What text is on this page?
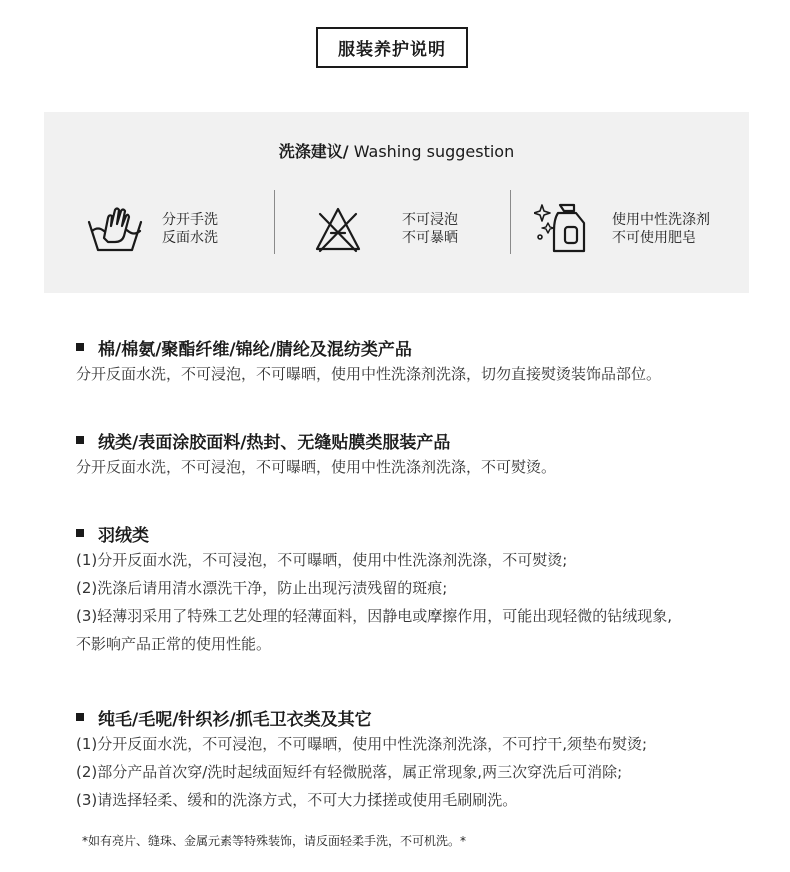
服装养护说明
洗涤建议/ Washing suggestion
分开手洗
反面水洗
不可浸泡
不可暴晒
使用中性洗涤剂
不可使用肥皂
棉/棉氨/聚酯纤维/锦纶/腈纶及混纺类产品
分开反面水洗，不可浸泡，不可曝晒，使用中性洗涤剂洗涤，切勿直接熨烫装饰品部位。
绒类/表面涂胶面料/热封、无缝贴膜类服装产品
分开反面水洗，不可浸泡，不可曝晒，使用中性洗涤剂洗涤，不可熨烫。
羽绒类
(1)分开反面水洗，不可浸泡，不可曝晒，使用中性洗涤剂洗涤，不可熨烫;
(2)洗涤后请用清水漂洗干净，防止出现污渍残留的斑痕;
(3)轻薄羽采用了特殊工艺处理的轻薄面料，因静电或摩擦作用，可能出现轻微的钻绒现象,
不影响产品正常的使用性能。
纯毛/毛呢/针织衫/抓毛卫衣类及其它
(1)分开反面水洗，不可浸泡，不可曝晒，使用中性洗涤剂洗涤，不可拧干,须垫布熨烫;
(2)部分产品首次穿/洗时起绒面短纤有轻微脱落，属正常现象,两三次穿洗后可消除;
(3)请选择轻柔、缓和的洗涤方式，不可大力揉搓或使用毛刷刷洗。
*如有亮片、缝珠、金属元素等特殊装饰，请反面轻柔手洗，不可机洗。*
